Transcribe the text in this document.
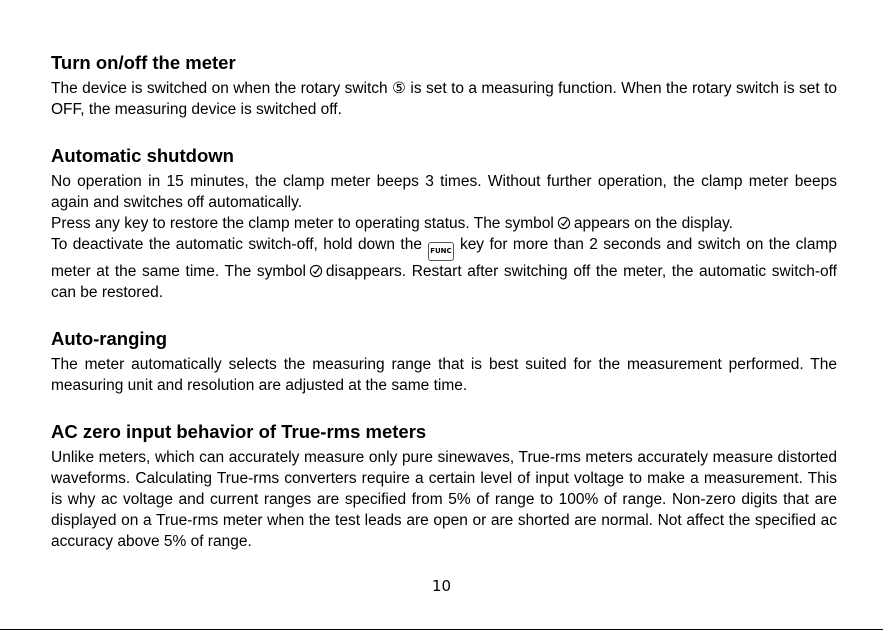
Turn on/off the meter

The device is switched on when the rotary switch ⑤ is set to a measuring function. When the rotary switch is set to OFF, the measuring device is switched off.

Automatic shutdown

No operation in 15 minutes, the clamp meter beeps 3 times. Without further operation, the clamp meter beeps again and switches off automatically.

Press any key to restore the clamp meter to operating status. The symbol appears on the display.

To deactivate the automatic switch-off, hold down the FUNC key for more than 2 seconds and switch on the clamp meter at the same time. The symbol disappears. Restart after switching off the meter, the automatic switch-off can be restored.

Auto-ranging

The meter automatically selects the measuring range that is best suited for the measurement performed. The measuring unit and resolution are adjusted at the same time.

AC zero input behavior of True-rms meters

Unlike meters, which can accurately measure only pure sinewaves, True-rms meters accurately measure distorted waveforms. Calculating True-rms converters require a certain level of input voltage to make a measurement. This is why ac voltage and current ranges are specified from 5% of range to 100% of range. Non-zero digits that are displayed on a True-rms meter when the test leads are open or are shorted are normal. Not affect the specified ac accuracy above 5% of range.

10
